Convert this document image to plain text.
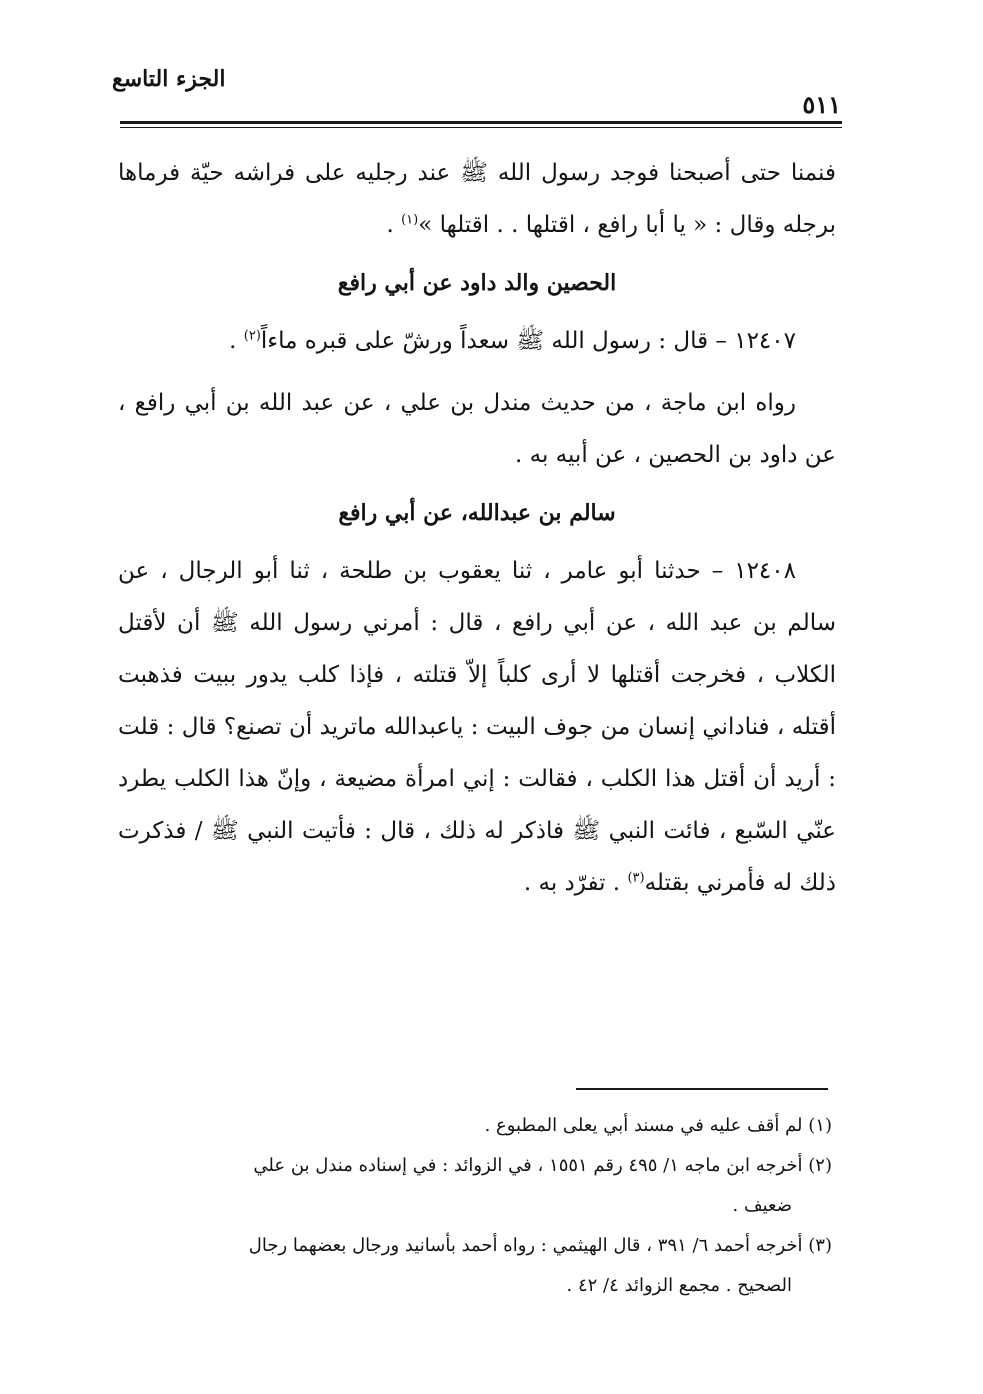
الجزء التاسع
٥١١

فنمنا حتى أصبحنا فوجد رسول الله ﷺ عند رجليه على فراشه حيّة فرماها برجله وقال : « يا أبا رافع ، اقتلها . . اقتلها »$^{(١)}$ .

الحصين والد داود عن أبي رافع

١٢٤٠٧ – قال : رسول الله ﷺ سعداً ورشّ على قبره ماءاً$^{(٢)}$ .

رواه ابن ماجة ، من حديث مندل بن علي ، عن عبد الله بن أبي رافع ، عن داود بن الحصين ، عن أبيه به .

سالم بن عبدالله، عن أبي رافع

١٢٤٠٨ – حدثنا أبو عامر ، ثنا يعقوب بن طلحة ، ثنا أبو الرجال ، عن سالم بن عبد الله ، عن أبي رافع ، قال : أمرني رسول الله ﷺ أن لأقتل الكلاب ، فخرجت أقتلها لا أرى كلباً إلاّ قتلته ، فإذا كلب يدور ببيت فذهبت أقتله ، فناداني إنسان من جوف البيت : ياعبدالله ماتريد أن تصنع؟ قال : قلت : أريد أن أقتل هذا الكلب ، فقالت : إني امرأة مضيعة ، وإنّ هذا الكلب يطرد عنّي السّبع ، فائت النبي ﷺ فاذكر له ذلك ، قال : فأتيت النبي ﷺ / فذكرت ذلك له فأمرني بقتله$^{(٣)}$ . تفرّد به .

(١) لم أقف عليه في مسند أبي يعلى المطبوع .

(٢) أخرجه ابن ماجه ١/ ٤٩٥ رقم ١٥٥١ ، في الزوائد : في إسناده مندل بن علي

ضعيف .

(٣) أخرجه أحمد ٦/ ٣٩١ ، قال الهيثمي : رواه أحمد بأسانيد ورجال بعضهما رجال

الصحيح . مجمع الزوائد ٤/ ٤٢ .
